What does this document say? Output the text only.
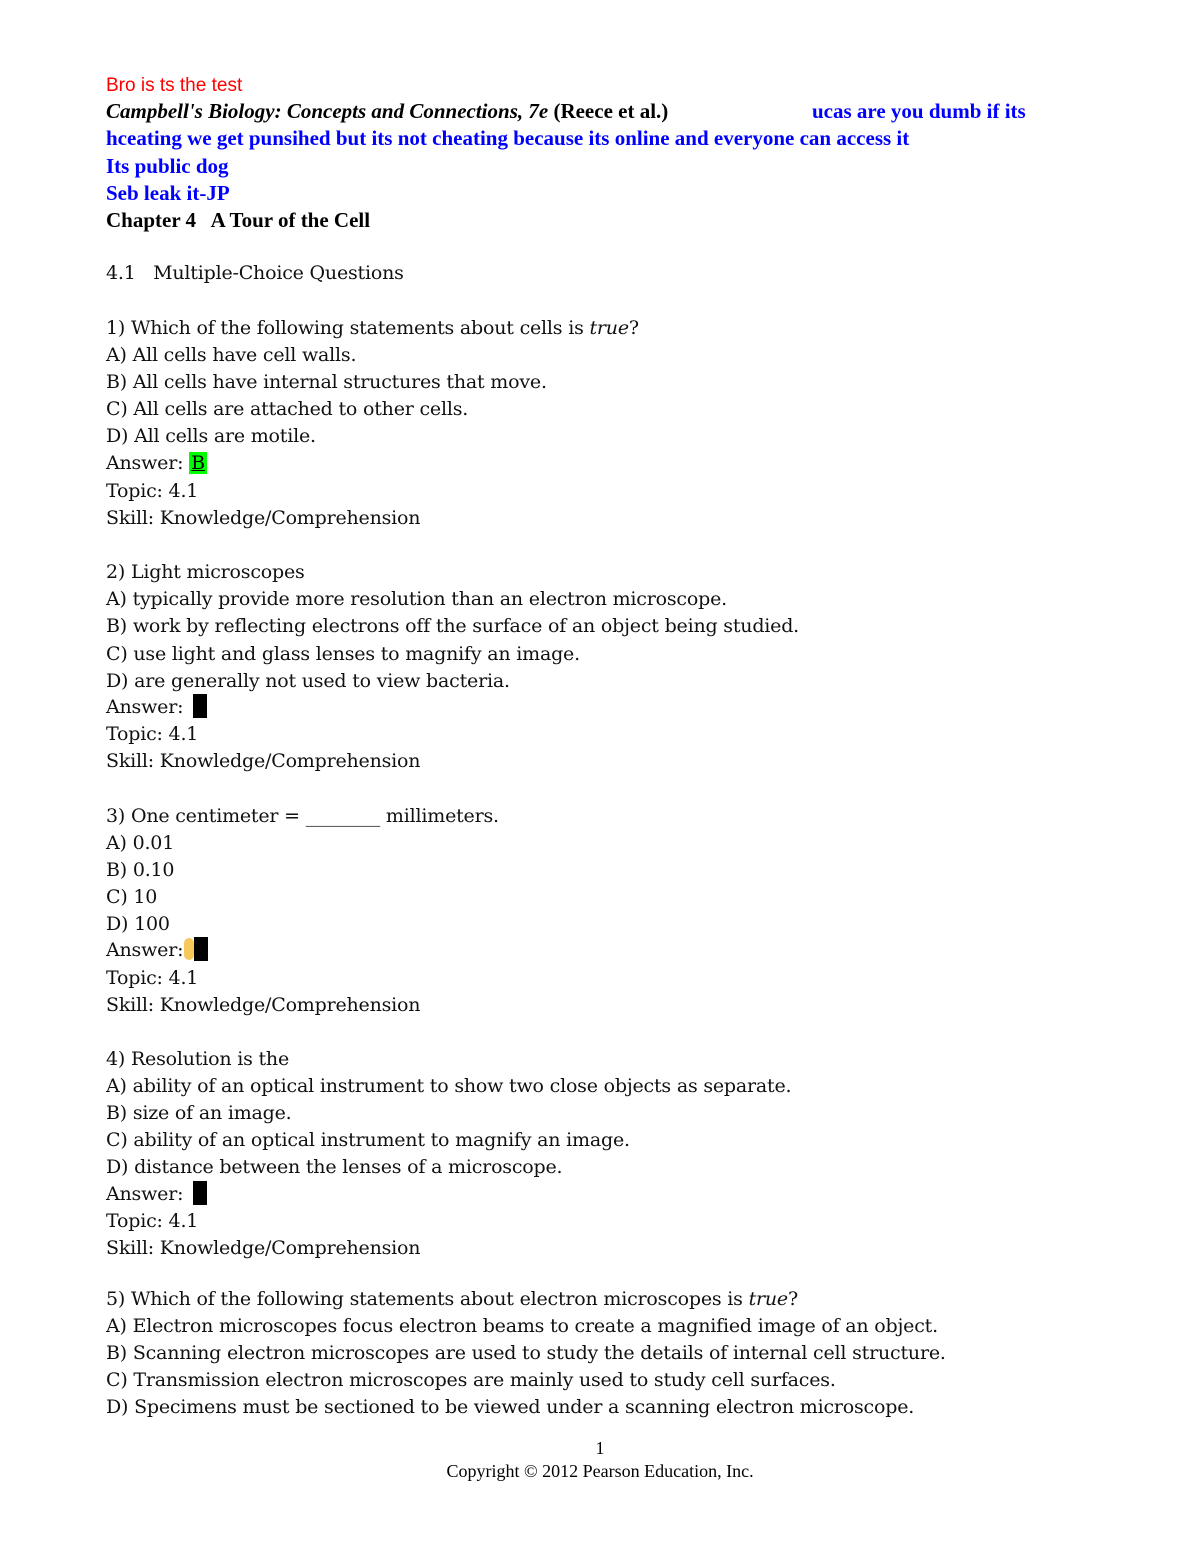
Bro is ts the test
Campbell's Biology: Concepts and Connections, 7e (Reece et al.)	ucas are you dumb if its
hceating we get punsihed but its not cheating because its online and everyone can access it
Its public dog
Seb leak it-JP
Chapter 4   A Tour of the Cell
4.1   Multiple-Choice Questions
1) Which of the following statements about cells is true?
A) All cells have cell walls.
B) All cells have internal structures that move.
C) All cells are attached to other cells.
D) All cells are motile.
Answer: B
Topic: 4.1
Skill: Knowledge/Comprehension
2) Light microscopes
A) typically provide more resolution than an electron microscope.
B) work by reflecting electrons off the surface of an object being studied.
C) use light and glass lenses to magnify an image.
D) are generally not used to view bacteria.
Answer:
Topic: 4.1
Skill: Knowledge/Comprehension
3) One centimeter = ________ millimeters.
A) 0.01
B) 0.10
C) 10
D) 100
Answer:
Topic: 4.1
Skill: Knowledge/Comprehension
4) Resolution is the
A) ability of an optical instrument to show two close objects as separate.
B) size of an image.
C) ability of an optical instrument to magnify an image.
D) distance between the lenses of a microscope.
Answer:
Topic: 4.1
Skill: Knowledge/Comprehension
5) Which of the following statements about electron microscopes is true?
A) Electron microscopes focus electron beams to create a magnified image of an object.
B) Scanning electron microscopes are used to study the details of internal cell structure.
C) Transmission electron microscopes are mainly used to study cell surfaces.
D) Specimens must be sectioned to be viewed under a scanning electron microscope.
1
Copyright © 2012 Pearson Education, Inc.
